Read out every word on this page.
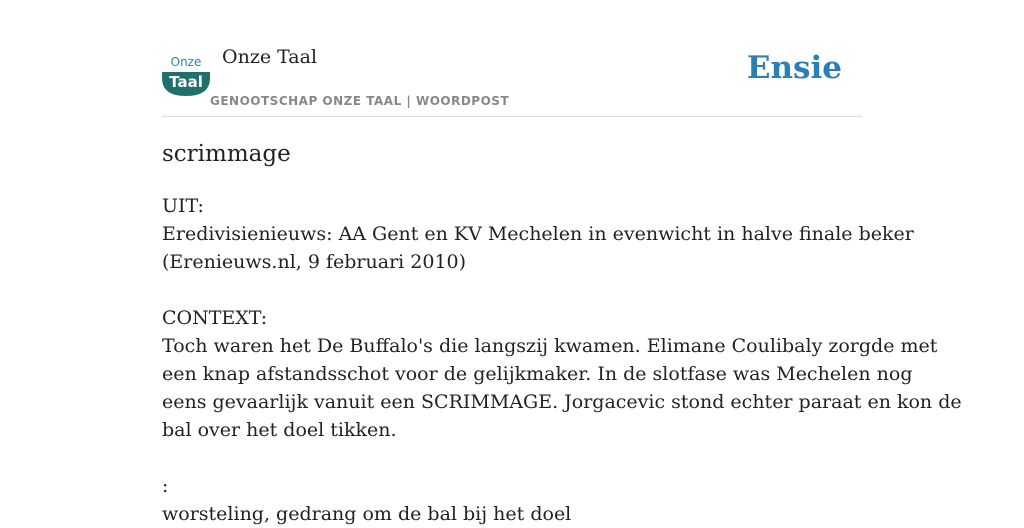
Onze
Taal
Onze Taal
GENOOTSCHAP ONZE TAAL | WOORDPOST
Ensie
scrimmage
UIT:
Eredivisienieuws: AA Gent en KV Mechelen in evenwicht in halve finale beker
(Erenieuws.nl, 9 februari 2010)
CONTEXT:
Toch waren het De Buffalo's die langszij kwamen. Elimane Coulibaly zorgde met
een knap afstandsschot voor de gelijkmaker. In de slotfase was Mechelen nog
eens gevaarlijk vanuit een SCRIMMAGE. Jorgacevic stond echter paraat en kon de
bal over het doel tikken.
:
worsteling, gedrang om de bal bij het doel
